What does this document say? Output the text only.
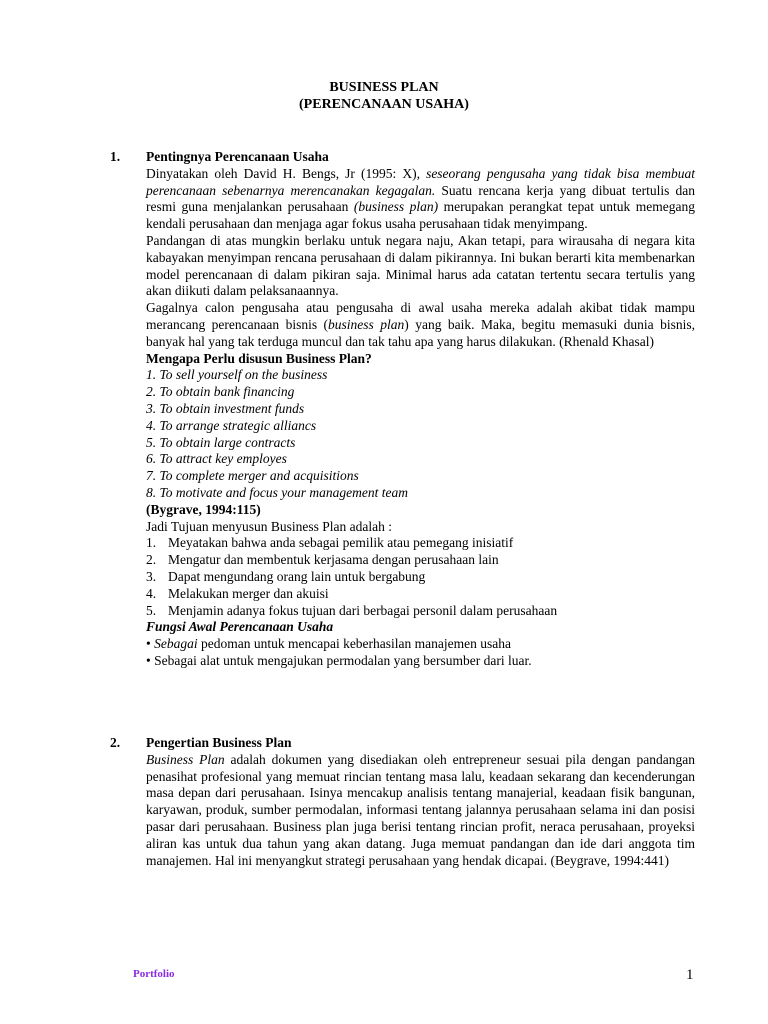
BUSINESS PLAN
(PERENCANAAN USAHA)
1. Pentingnya Perencanaan Usaha

Dinyatakan oleh David H. Bengs, Jr (1995: X), seseorang pengusaha yang tidak bisa membuat perencanaan sebenarnya merencanakan kegagalan. Suatu rencana kerja yang dibuat tertulis dan resmi guna menjalankan perusahaan (business plan) merupakan perangkat tepat untuk memegang kendali perusahaan dan menjaga agar fokus usaha perusahaan tidak menyimpang.

Pandangan di atas mungkin berlaku untuk negara naju, Akan tetapi, para wirausaha di negara kita kabayakan menyimpan rencana perusahaan di dalam pikirannya. Ini bukan berarti kita membenarkan model perencanaan di dalam pikiran saja. Minimal harus ada catatan tertentu secara tertulis yang akan diikuti dalam pelaksanaannya.

Gagalnya calon pengusaha atau pengusaha di awal usaha mereka adalah akibat tidak mampu merancang perencanaan bisnis (business plan) yang baik. Maka, begitu memasuki dunia bisnis, banyak hal yang tak terduga muncul dan tak tahu apa yang harus dilakukan. (Rhenald Khasal)

Mengapa Perlu disusun Business Plan?

1. To sell yourself on the business
2. To obtain bank financing
3. To obtain investment funds
4. To arrange strategic alliancs
5. To obtain large contracts
6. To attract key employes
7. To complete merger and acquisitions
8. To motivate and focus your management team

(Bygrave, 1994:115)

Jadi Tujuan menyusun Business Plan adalah :

1. Meyatakan bahwa anda sebagai pemilik atau pemegang inisiatif
2. Mengatur dan membentuk kerjasama dengan perusahaan lain
3. Dapat mengundang orang lain untuk bergabung
4. Melakukan merger dan akuisi
5. Menjamin adanya fokus tujuan dari berbagai personil dalam perusahaan

Fungsi Awal Perencanaan Usaha

• Sebagai pedoman untuk mencapai keberhasilan manajemen usaha

• Sebagai alat untuk mengajukan permodalan yang bersumber dari luar.

2. Pengertian Business Plan

Business Plan adalah dokumen yang disediakan oleh entrepreneur sesuai pila dengan pandangan penasihat profesional yang memuat rincian tentang masa lalu, keadaan sekarang dan kecenderungan masa depan dari perusahaan. Isinya mencakup analisis tentang manajerial, keadaan fisik bangunan, karyawan, produk, sumber permodalan, informasi tentang jalannya perusahaan selama ini dan posisi pasar dari perusahaan. Business plan juga berisi tentang rincian profit, neraca perusahaan, proyeksi aliran kas untuk dua tahun yang akan datang. Juga memuat pandangan dan ide dari anggota tim manajemen. Hal ini menyangkut strategi perusahaan yang hendak dicapai. (Beygrave, 1994:441)

Portfolio	1
